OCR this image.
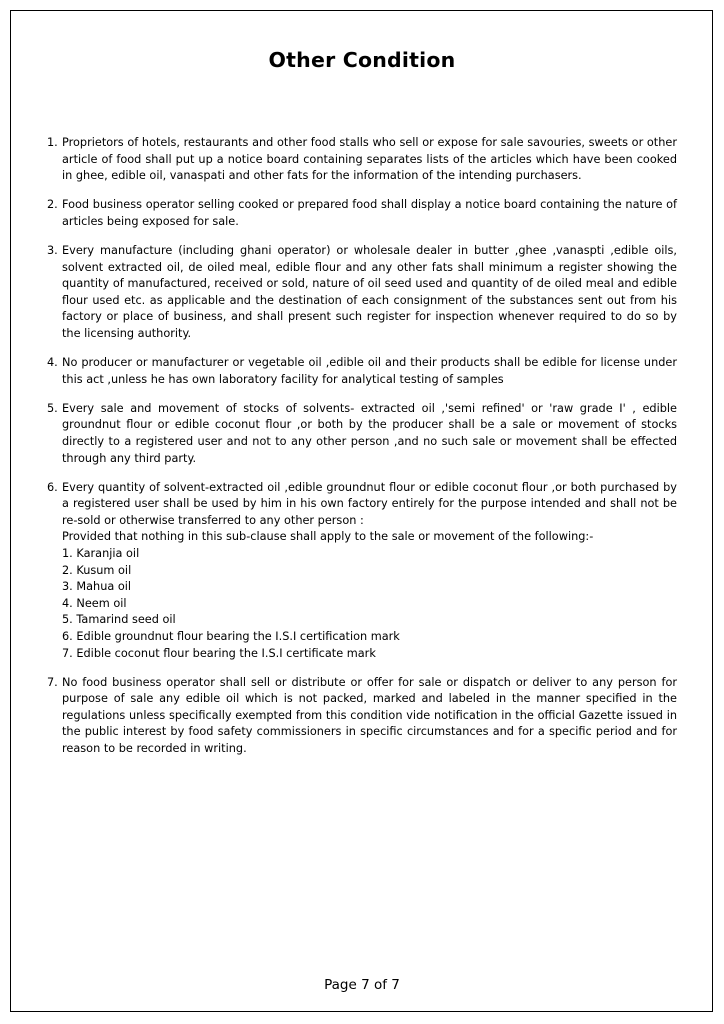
Other Condition
1. Proprietors of hotels, restaurants and other food stalls who sell or expose for sale savouries, sweets or other article of food shall put up a notice board containing separates lists of the articles which have been cooked in ghee, edible oil, vanaspati and other fats for the information of the intending purchasers.
2. Food business operator selling cooked or prepared food shall display a notice board containing the nature of articles being exposed for sale.
3. Every manufacture (including ghani operator) or wholesale dealer in butter ,ghee ,vanaspti ,edible oils, solvent extracted oil, de oiled meal, edible flour and any other fats shall minimum a register showing the quantity of manufactured, received or sold, nature of oil seed used and quantity of de oiled meal and edible flour used etc. as applicable and the destination of each consignment of the substances sent out from his factory or place of business, and shall present such register for inspection whenever required to do so by the licensing authority.
4. No producer or manufacturer or vegetable oil ,edible oil and their products shall be edible for license under this act ,unless he has own laboratory facility for analytical testing of samples
5. Every sale and movement of stocks of solvents- extracted oil ,'semi refined' or 'raw grade I' , edible groundnut flour or edible coconut flour ,or both by the producer shall be a sale or movement of stocks directly to a registered user and not to any other person ,and no such sale or movement shall be effected through any third party.
6. Every quantity of solvent-extracted oil ,edible groundnut flour or edible coconut flour ,or both purchased by a registered user shall be used by him in his own factory entirely for the purpose intended and shall not be re-sold or otherwise transferred to any other person :
Provided that nothing in this sub-clause shall apply to the sale or movement of the following:-
1. Karanjia oil
2. Kusum oil
3. Mahua oil
4. Neem oil
5. Tamarind seed oil
6. Edible groundnut flour bearing the I.S.I certification mark
7. Edible coconut flour bearing the I.S.I certificate mark
7. No food business operator shall sell or distribute or offer for sale or dispatch or deliver to any person for purpose of sale any edible oil which is not packed, marked and labeled in the manner specified in the regulations unless specifically exempted from this condition vide notification in the official Gazette issued in the public interest by food safety commissioners in specific circumstances and for a specific period and for reason to be recorded in writing.
Page 7 of 7
